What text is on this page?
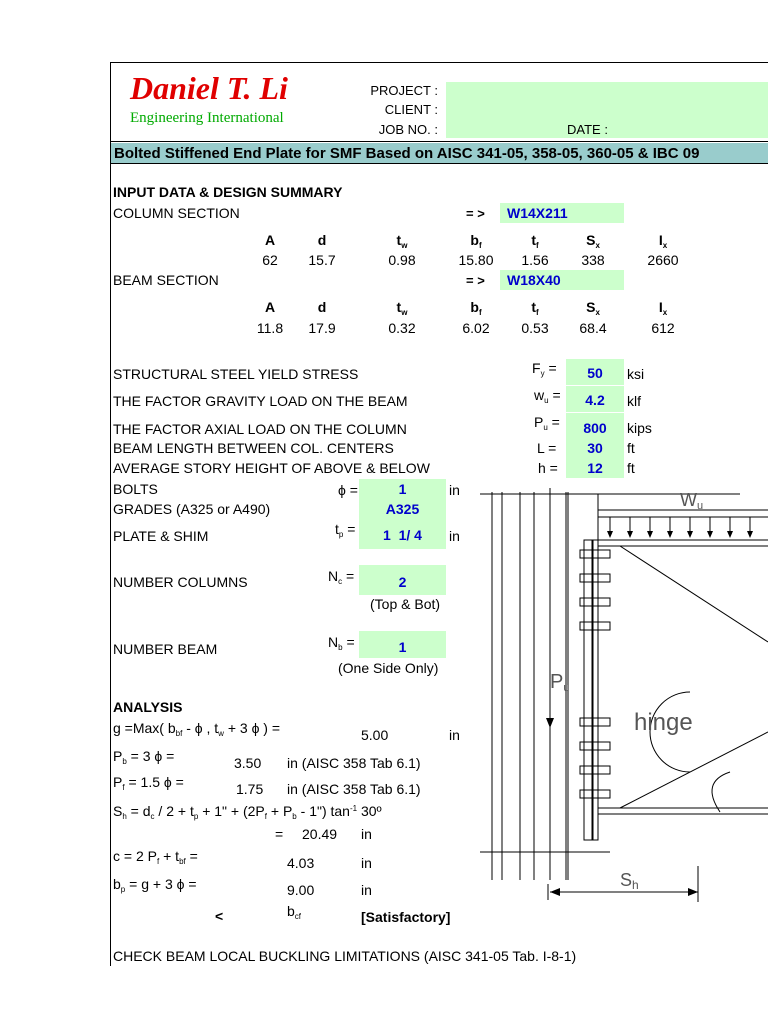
Daniel T. Li
Engineering International
PROJECT :
CLIENT :
JOB NO. :	DATE :
Bolted Stiffened End Plate for SMF Based on AISC 341-05, 358-05, 360-05 & IBC 09
INPUT DATA & DESIGN SUMMARY
COLUMN SECTION	= > W14X211
A	d	$t_w$	$b_f$	$t_f$	$S_x$	$I_x$
62	15.7	0.98	15.80	1.56	338	2660
BEAM SECTION	= > W18X40
A	d	$t_w$	$b_f$	$t_f$	$S_x$	$I_x$
11.8	17.9	0.32	6.02	0.53	68.4	612
STRUCTURAL STEEL YIELD STRESS	$F_y$ =	50	ksi
THE FACTOR GRAVITY LOAD ON THE BEAM	$w_u$ =	4.2	klf
THE FACTOR AXIAL LOAD ON THE COLUMN	$P_u$ =	800	kips
BEAM LENGTH BETWEEN COL. CENTERS	L =	30	ft
AVERAGE STORY HEIGHT OF ABOVE & BELOW	h =	12	ft
BOLTS	ϕ =	1	in
GRADES (A325 or A490)	A325
PLATE & SHIM	$t_p$ =	1  1/ 4	in
NUMBER COLUMNS	$N_c$ =	2
(Top & Bot)
NUMBER BEAM	$N_b$ =	1
(One Side Only)
ANALYSIS
g =Max( $b_{bf}$ - ϕ , $t_w + 3$ ϕ ) =	5.00	in
$P_b = 3$ ϕ =	3.50 in (AISC 358 Tab 6.1)
$P_f = 1.5$ ϕ =	1.75 in (AISC 358 Tab 6.1)
$S_h = d_c / 2 + t_p + 1$" + ($2P_f + P_b$ - 1") $\tan^{-1}$ 30º
= 20.49 in
c = 2 $P_f + t_{bf}$ =	4.03	in
$b_p = g + 3$ ϕ =	9.00	in
<	$b_{cf}$	[Satisfactory]
CHECK BEAM LOCAL BUCKLING LIMITATIONS (AISC 341-05 Tab. I-8-1)
Wu
Pu
hinge
Sh
